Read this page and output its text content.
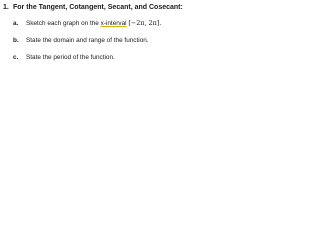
1. For the Tangent, Cotangent, Secant, and Cosecant:
a. Sketch each graph on the x-interval [−2π, 2π].
b. State the domain and range of the function.
c. State the period of the function.
